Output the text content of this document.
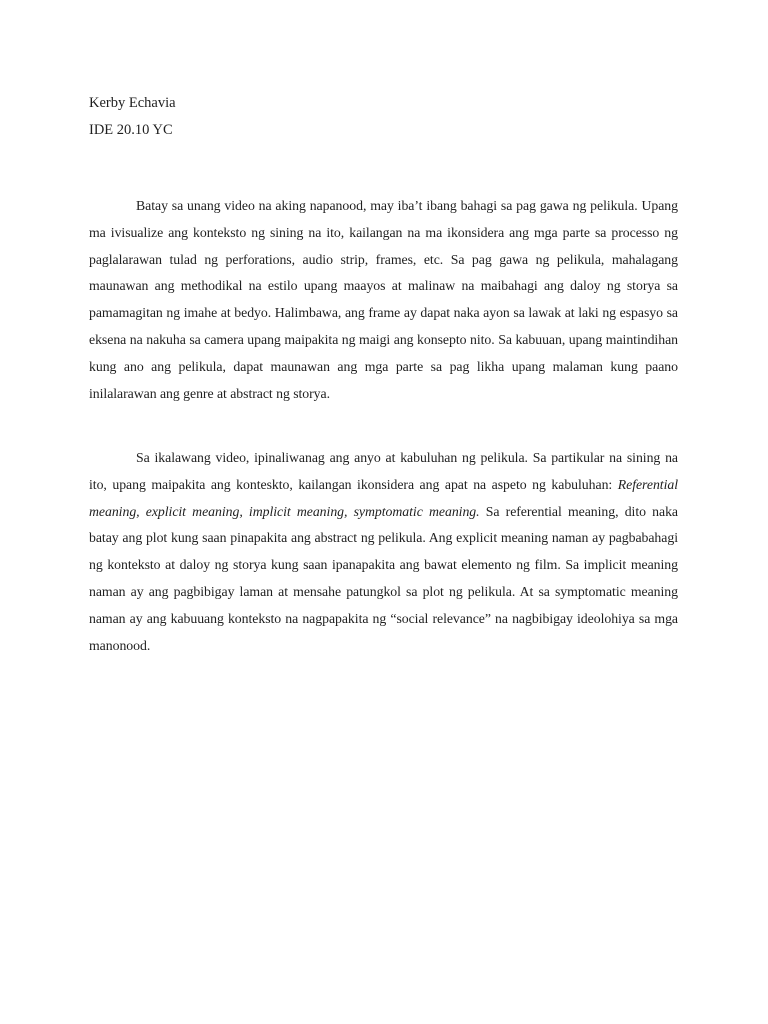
Kerby Echavia
IDE 20.10 YC

Batay sa unang video na aking napanood, may iba’t ibang bahagi sa pag gawa ng pelikula. Upang ma ivisualize ang konteksto ng sining na ito, kailangan na ma ikonsidera ang mga parte sa processo ng paglalarawan tulad ng perforations, audio strip, frames, etc. Sa pag gawa ng pelikula, mahalagang maunawan ang methodikal na estilo upang maayos at malinaw na maibahagi ang daloy ng storya sa pamamagitan ng imahe at bedyo. Halimbawa, ang frame ay dapat naka ayon sa lawak at laki ng espasyo sa eksena na nakuha sa camera upang maipakita ng maigi ang konsepto nito. Sa kabuuan, upang maintindihan kung ano ang pelikula, dapat maunawan ang mga parte sa pag likha upang malaman kung paano inilalarawan ang genre at abstract ng storya.

Sa ikalawang video, ipinaliwanag ang anyo at kabuluhan ng pelikula. Sa partikular na sining na ito, upang maipakita ang konteskto, kailangan ikonsidera ang apat na aspeto ng kabuluhan: Referential meaning, explicit meaning, implicit meaning, symptomatic meaning. Sa referential meaning, dito naka batay ang plot kung saan pinapakita ang abstract ng pelikula. Ang explicit meaning naman ay pagbabahagi ng konteksto at daloy ng storya kung saan ipanapakita ang bawat elemento ng film. Sa implicit meaning naman ay ang pagbibigay laman at mensahe patungkol sa plot ng pelikula. At sa symptomatic meaning naman ay ang kabuuang konteksto na nagpapakita ng “social relevance” na nagbibigay ideolohiya sa mga manonood.
